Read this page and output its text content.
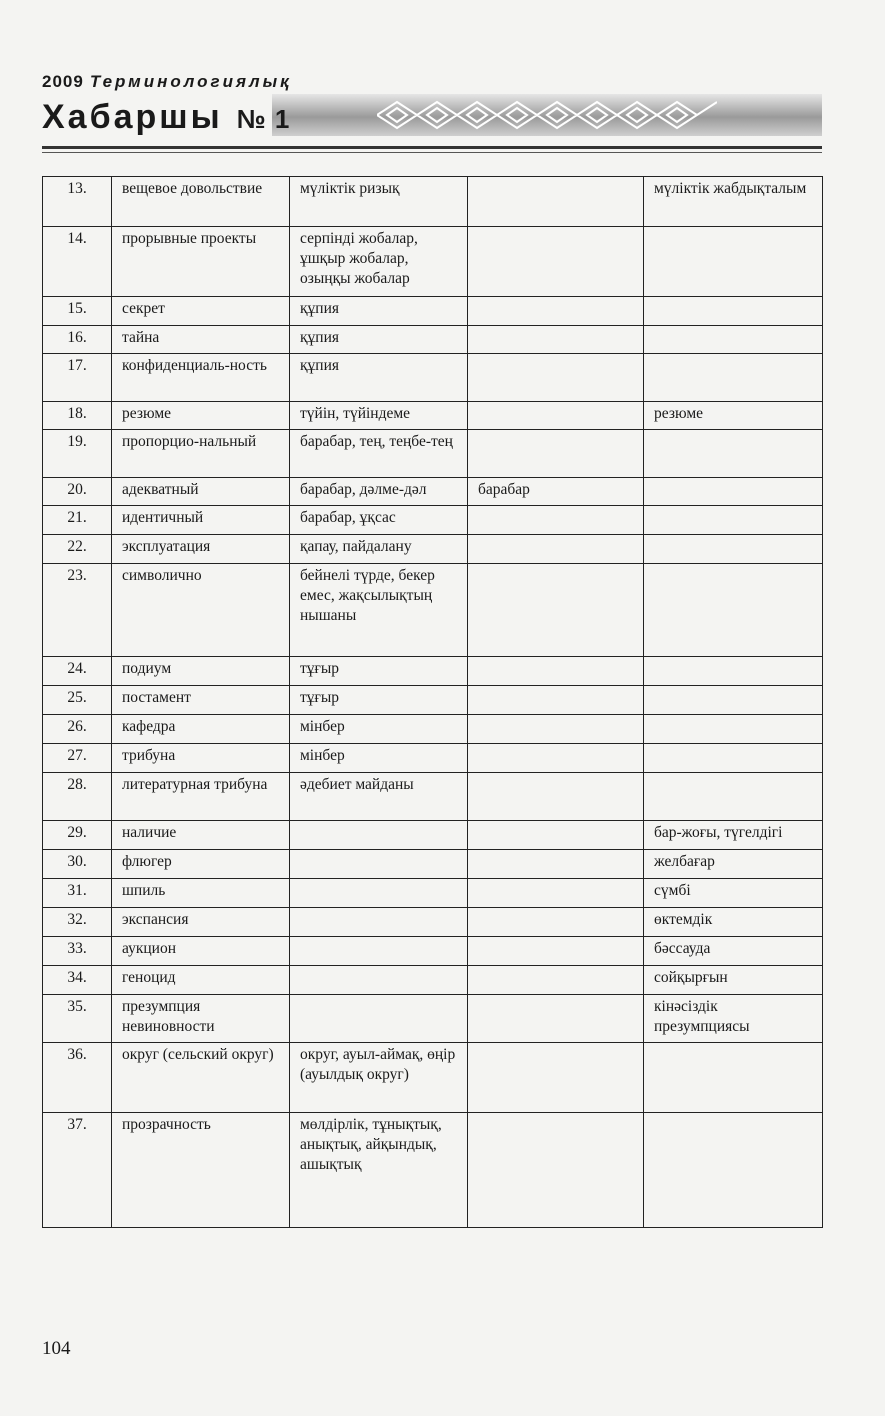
2009 Терминологиялық
Хабаршы № 1
13.	вещевое довольствие	мүліктік ризық		мүліктік жабдықталым
14.	прорывные проекты	серпінді жобалар, ұшқыр жобалар, озыңқы жобалар		
15.	секрет	құпия		
16.	тайна	құпия		
17.	конфиденциаль-ность	құпия		
18.	резюме	түйін, түйіндеме		резюме
19.	пропорцио-нальный	барабар, тең, теңбе-тең		
20.	адекватный	барабар, дәлме-дәл	барабар	
21.	идентичный	барабар, ұқсас		
22.	эксплуатация	қапау, пайдалану		
23.	символично	бейнелі түрде, бекер емес, жақсылықтың нышаны		
24.	подиум	тұғыр		
25.	постамент	тұғыр		
26.	кафедра	мінбер		
27.	трибуна	мінбер		
28.	литературная трибуна	әдебиет майданы		
29.	наличие			бар-жоғы, түгелдігі
30.	флюгер			желбағар
31.	шпиль			сүмбі
32.	экспансия			өктемдік
33.	аукцион			бәссауда
34.	геноцид			сойқырғын
35.	презумпция невиновности			кінәсіздік презумпциясы
36.	округ (сельский округ)	округ, ауыл-аймақ, өңір (ауылдық округ)		
37.	прозрачность	мөлдірлік, тұнықтық, анықтық, айқындық, ашықтық		
104
